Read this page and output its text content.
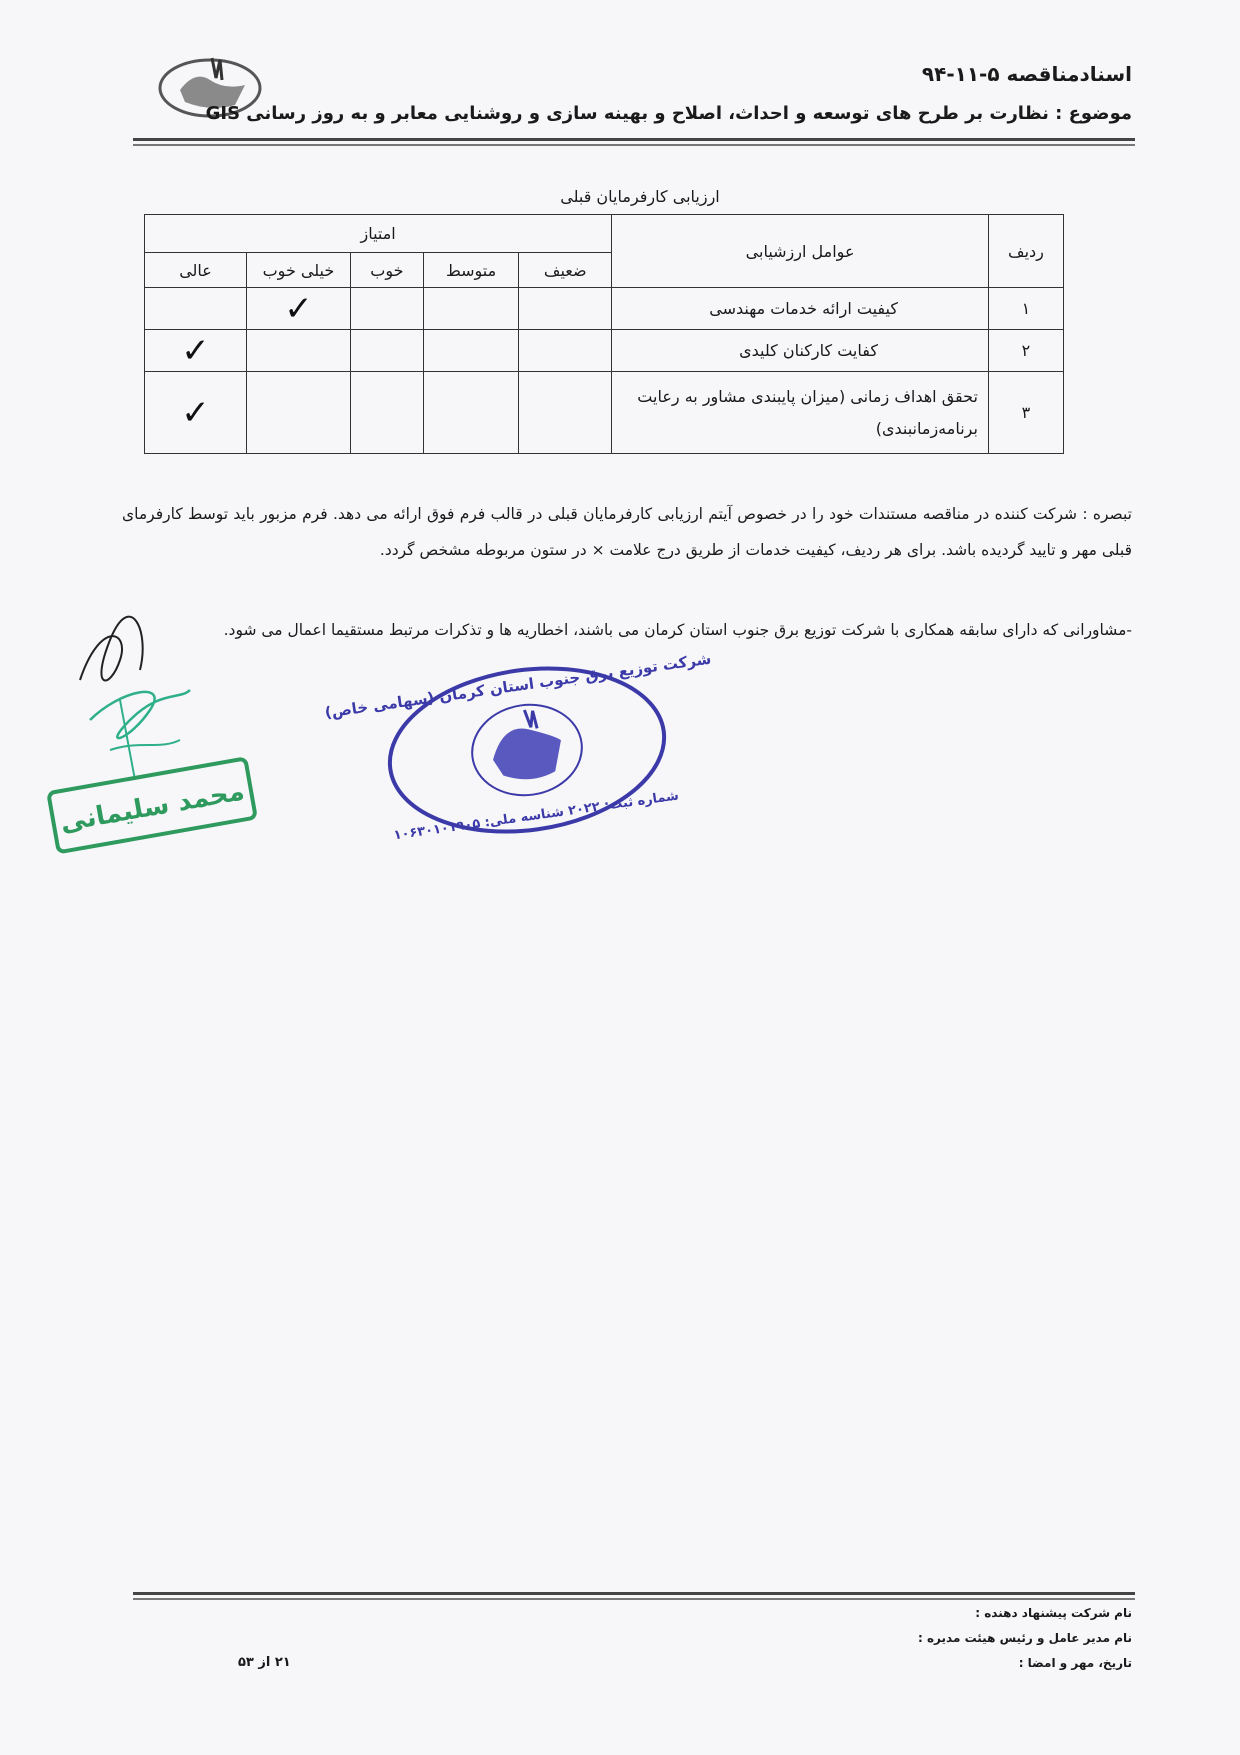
اسنادمناقصه ۵-۱۱-۹۴
موضوع : نظارت بر طرح های توسعه و احداث، اصلاح و بهینه سازی و روشنایی معابر و به روز رسانی GIS
ارزیابی کارفرمایان قبلی
ردیف	عوامل ارزشیابی	امتیاز				
		ضعیف	متوسط	خوب	خیلی خوب	عالی
۱	کیفیت ارائه خدمات مهندسی				✓	
۲	کفایت کارکنان کلیدی					✓
۳	تحقق اهداف زمانی (میزان پایبندی مشاور به رعایت برنامه‌زمانبندی)					✓
تبصره : شرکت کننده در مناقصه مستندات خود را در خصوص آیتم ارزیابی کارفرمایان قبلی در قالب فرم فوق ارائه می دهد. فرم مزبور باید توسط کارفرمای قبلی مهر و تایید گردیده باشد. برای هر ردیف، کیفیت خدمات از طریق درج علامت × در ستون مربوطه مشخص گردد.
-مشاورانی که دارای سابقه همکاری با شرکت توزیع برق جنوب استان کرمان می باشند، اخطاریه ها و تذکرات مرتبط مستقیما اعمال می شود.
محمد سلیمانی
شرکت توزیع برق جنوب استان کرمان (سهامی خاص)
شماره ثبت: ۲۰۲۲ شناسه ملی: ۱۰۶۳۰۱۰۱۹۰۵
نام شرکت پیشنهاد دهنده :
نام مدیر عامل و رئیس هیئت مدیره :
تاریخ، مهر و امضا :
۲۱ از ۵۳
